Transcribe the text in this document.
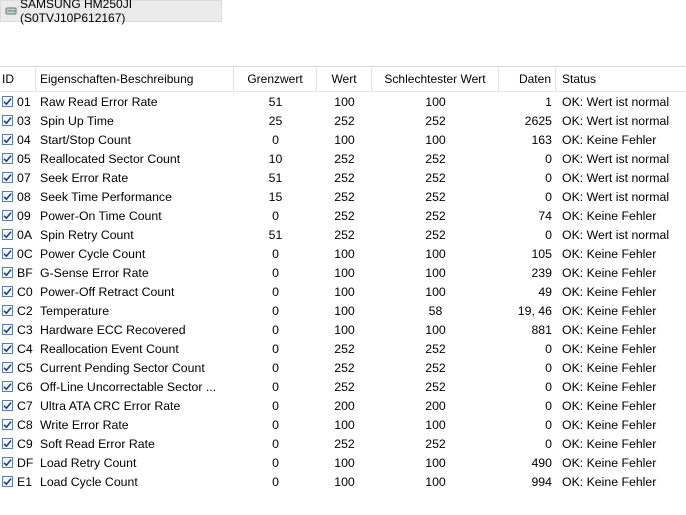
SAMSUNG HM250JI (S0TVJ10P612167)
ID	Eigenschaften-Beschreibung	Grenzwert	Wert	Schlechtester Wert	Daten Status
01 Raw Read Error Rate	51	100	100	1 OK: Wert ist normal
03 Spin Up Time	25	252	252	2625 OK: Wert ist normal
04 Start/Stop Count	0	100	100	163 OK: Keine Fehler
05 Reallocated Sector Count	10	252	252	0 OK: Wert ist normal
07 Seek Error Rate	51	252	252	0 OK: Wert ist normal
08 Seek Time Performance	15	252	252	0 OK: Wert ist normal
09 Power-On Time Count	0	252	252	74 OK: Keine Fehler
0A Spin Retry Count	51	252	252	0 OK: Wert ist normal
0C Power Cycle Count	0	100	100	105 OK: Keine Fehler
BF G-Sense Error Rate	0	100	100	239 OK: Keine Fehler
C0 Power-Off Retract Count	0	100	100	49 OK: Keine Fehler
C2 Temperature	0	100	58	19, 46 OK: Keine Fehler
C3 Hardware ECC Recovered	0	100	100	881 OK: Keine Fehler
C4 Reallocation Event Count	0	252	252	0 OK: Keine Fehler
C5 Current Pending Sector Count	0	252	252	0 OK: Keine Fehler
C6 Off-Line Uncorrectable Sector ...	0	252	252	0 OK: Keine Fehler
C7 Ultra ATA CRC Error Rate	0	200	200	0 OK: Keine Fehler
C8 Write Error Rate	0	100	100	0 OK: Keine Fehler
C9 Soft Read Error Rate	0	252	252	0 OK: Keine Fehler
DF Load Retry Count	0	100	100	490 OK: Keine Fehler
E1 Load Cycle Count	0	100	100	994 OK: Keine Fehler
